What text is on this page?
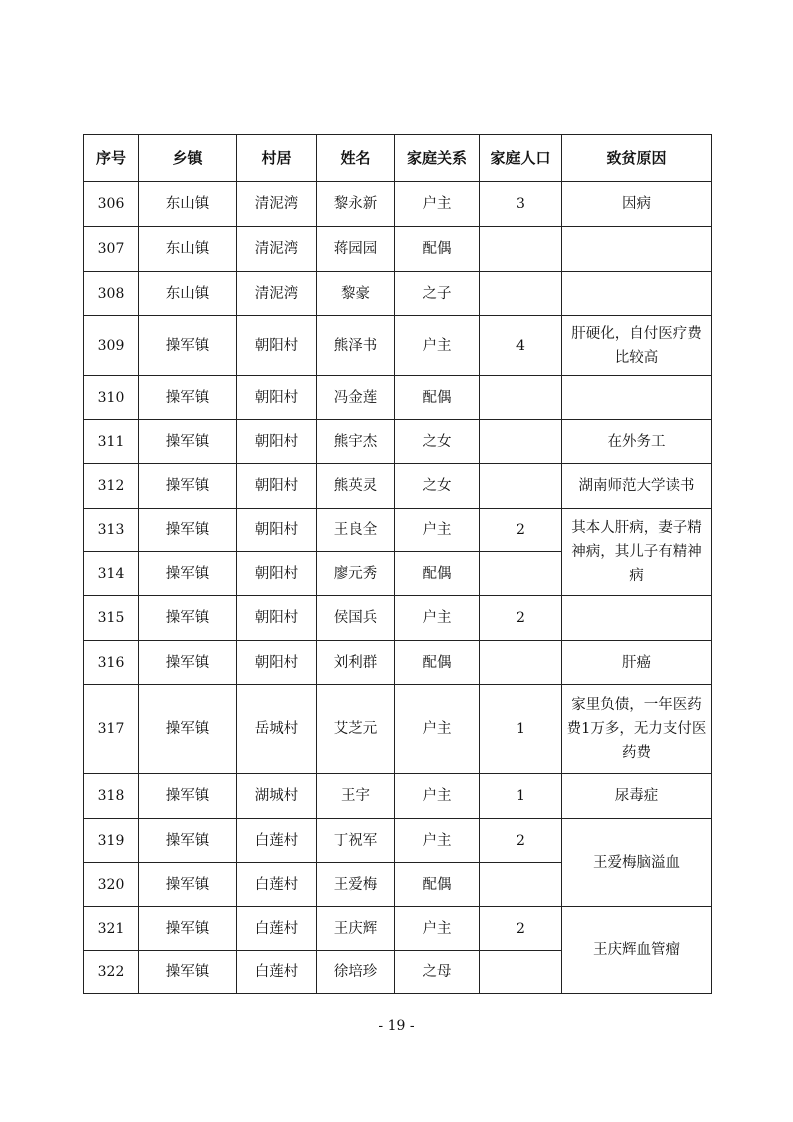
序号	乡镇	村居	姓名	家庭关系	家庭人口	致贫原因
306	东山镇	清泥湾	黎永新	户主	3	因病
307	东山镇	清泥湾	蒋园园	配偶		
308	东山镇	清泥湾	黎豪	之子		
309	操军镇	朝阳村	熊泽书	户主	4	肝硬化，自付医疗费比较高
310	操军镇	朝阳村	冯金莲	配偶		
311	操军镇	朝阳村	熊宇杰	之女		在外务工
312	操军镇	朝阳村	熊英灵	之女		湖南师范大学读书
313	操军镇	朝阳村	王良全	户主	2	其本人肝病，妻子精神病，其儿子有精神病
314	操军镇	朝阳村	廖元秀	配偶		
315	操军镇	朝阳村	侯国兵	户主	2	
316	操军镇	朝阳村	刘利群	配偶		肝癌
317	操军镇	岳城村	艾芝元	户主	1	家里负债，一年医药费1万多，无力支付医药费
318	操军镇	湖城村	王宇	户主	1	尿毒症
319	操军镇	白莲村	丁祝军	户主	2	王爱梅脑溢血
320	操军镇	白莲村	王爱梅	配偶		
321	操军镇	白莲村	王庆辉	户主	2	王庆辉血管瘤
322	操军镇	白莲村	徐培珍	之母		
- 19 -
